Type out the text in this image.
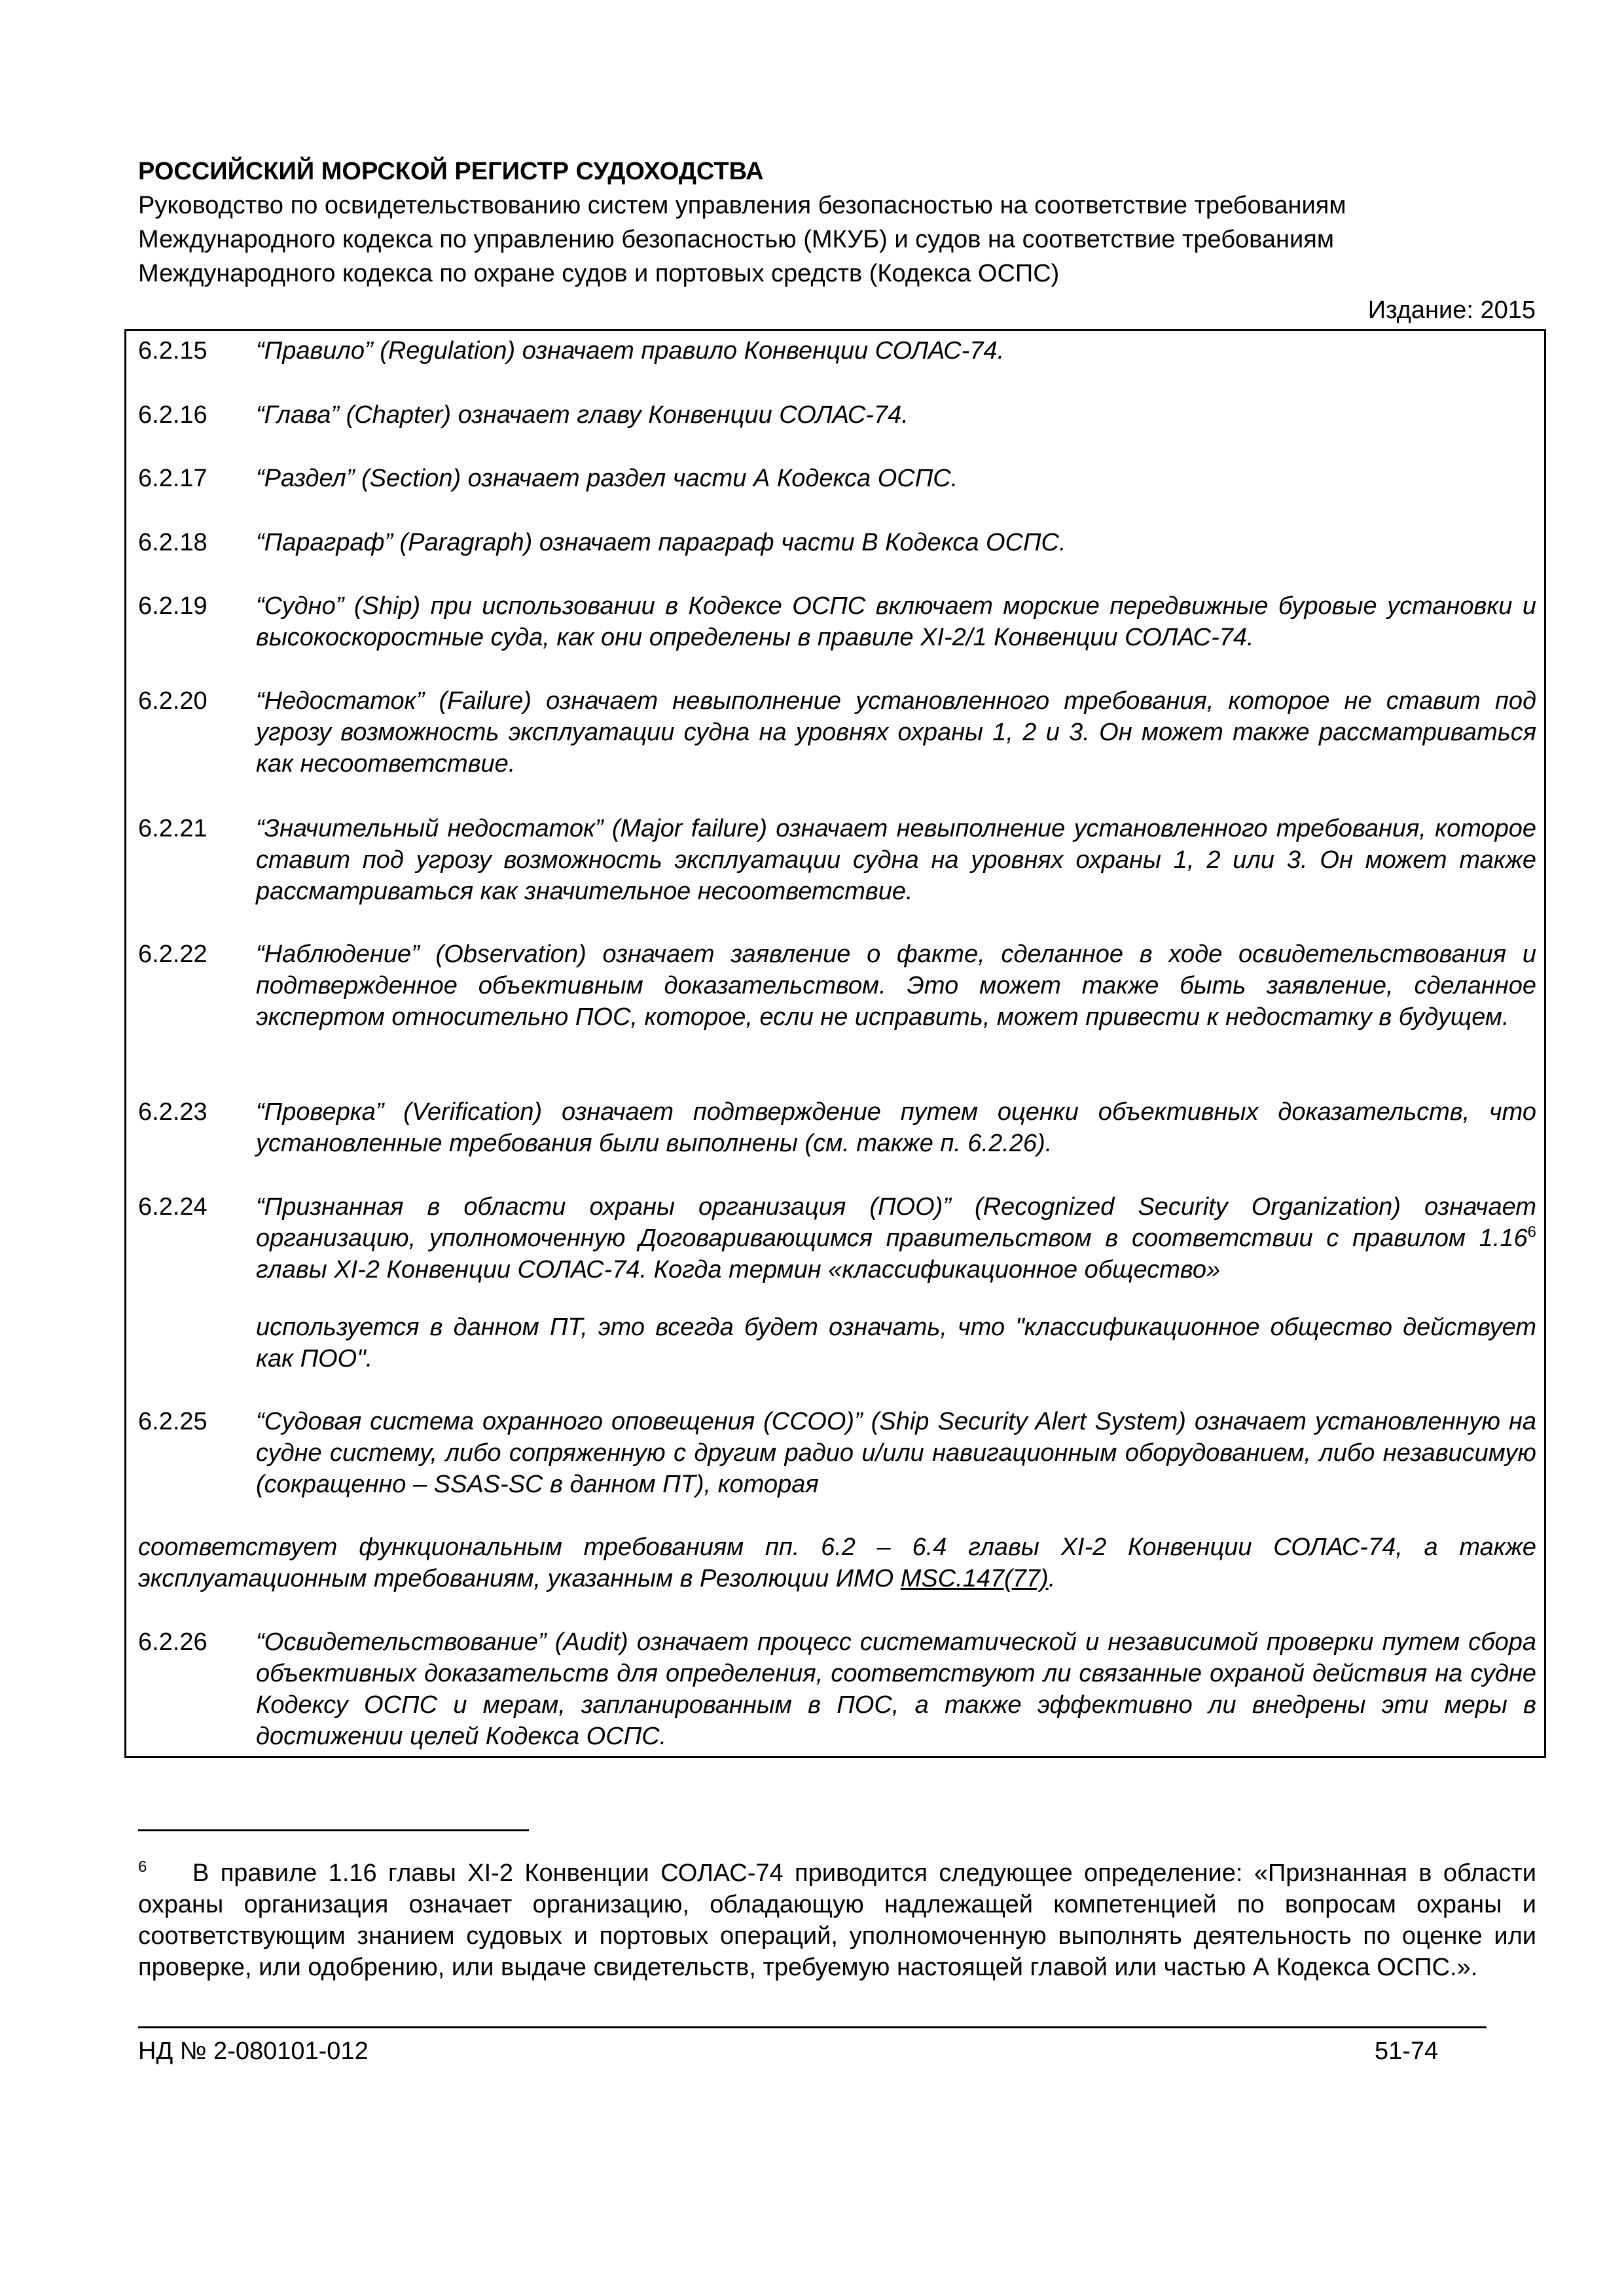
РОССИЙСКИЙ МОРСКОЙ РЕГИСТР СУДОХОДСТВА
Руководство по освидетельствованию систем управления безопасностью на соответствие требованиям
Международного кодекса по управлению безопасностью (МКУБ) и судов на соответствие требованиям
Международного кодекса по охране судов и портовых средств (Кодекса ОСПС)
Издание: 2015
6.2.15 “Правило” (Regulation) означает правило Конвенции СОЛАС-74.
6.2.16 “Глава” (Chapter) означает главу Конвенции СОЛАС-74.
6.2.17 “Раздел” (Section) означает раздел части А Кодекса ОСПС.
6.2.18 “Параграф” (Paragraph) означает параграф части В Кодекса ОСПС.
6.2.19 “Судно” (Ship) при использовании в Кодексе ОСПС включает морские передвижные буровые установки и высокоскоростные суда, как они определены в правиле XI-2/1 Конвенции СОЛАС-74.
6.2.20 “Недостаток” (Failure) означает невыполнение установленного требования, которое не ставит под угрозу возможность эксплуатации судна на уровнях охраны 1, 2 и 3. Он может также рассматриваться как несоответствие.
6.2.21 “Значительный недостаток” (Major failure) означает невыполнение установленного требования, которое ставит под угрозу возможность эксплуатации судна на уровнях охраны 1, 2 или 3. Он может также рассматриваться как значительное несоответствие.
6.2.22 “Наблюдение” (Observation) означает заявление о факте, сделанное в ходе освидетельствования и подтвержденное объективным доказательством. Это может также быть заявление, сделанное экспертом относительно ПОС, которое, если не исправить, может привести к недостатку в будущем.
6.2.23 “Проверка” (Verification) означает подтверждение путем оценки объективных доказательств, что установленные требования были выполнены (см. также п. 6.2.26).
6.2.24 “Признанная в области охраны организация (ПОО)” (Recognized Security Organization) означает организацию, уполномоченную Договаривающимся правительством в соответствии с правилом 1.16$^6$ главы XI-2 Конвенции СОЛАС-74. Когда термин «классификационное общество»
используется в данном ПТ, это всегда будет означать, что "классификационное общество действует как ПОО".
6.2.25 “Судовая система охранного оповещения (ССОО)” (Ship Security Alert System) означает установленную на судне систему, либо сопряженную с другим радио и/или навигационным оборудованием, либо независимую (сокращенно – SSAS-SC в данном ПТ), которая
соответствует функциональным требованиям пп. 6.2 – 6.4 главы XI-2 Конвенции СОЛАС-74, а также эксплуатационным требованиям, указанным в Резолюции ИМО MSC.147(77).
6.2.26 “Освидетельствование” (Audit) означает процесс систематической и независимой проверки путем сбора объективных доказательств для определения, соответствуют ли связанные охраной действия на судне Кодексу ОСПС и мерам, запланированным в ПОС, а также эффективно ли внедрены эти меры в достижении целей Кодекса ОСПС.
$^6$ В правиле 1.16 главы XI-2 Конвенции СОЛАС-74 приводится следующее определение: «Признанная в области охраны организация означает организацию, обладающую надлежащей компетенцией по вопросам охраны и соответствующим знанием судовых и портовых операций, уполномоченную выполнять деятельность по оценке или проверке, или одобрению, или выдаче свидетельств, требуемую настоящей главой или частью А Кодекса ОСПС.».
НД № 2-080101-012	51-74
